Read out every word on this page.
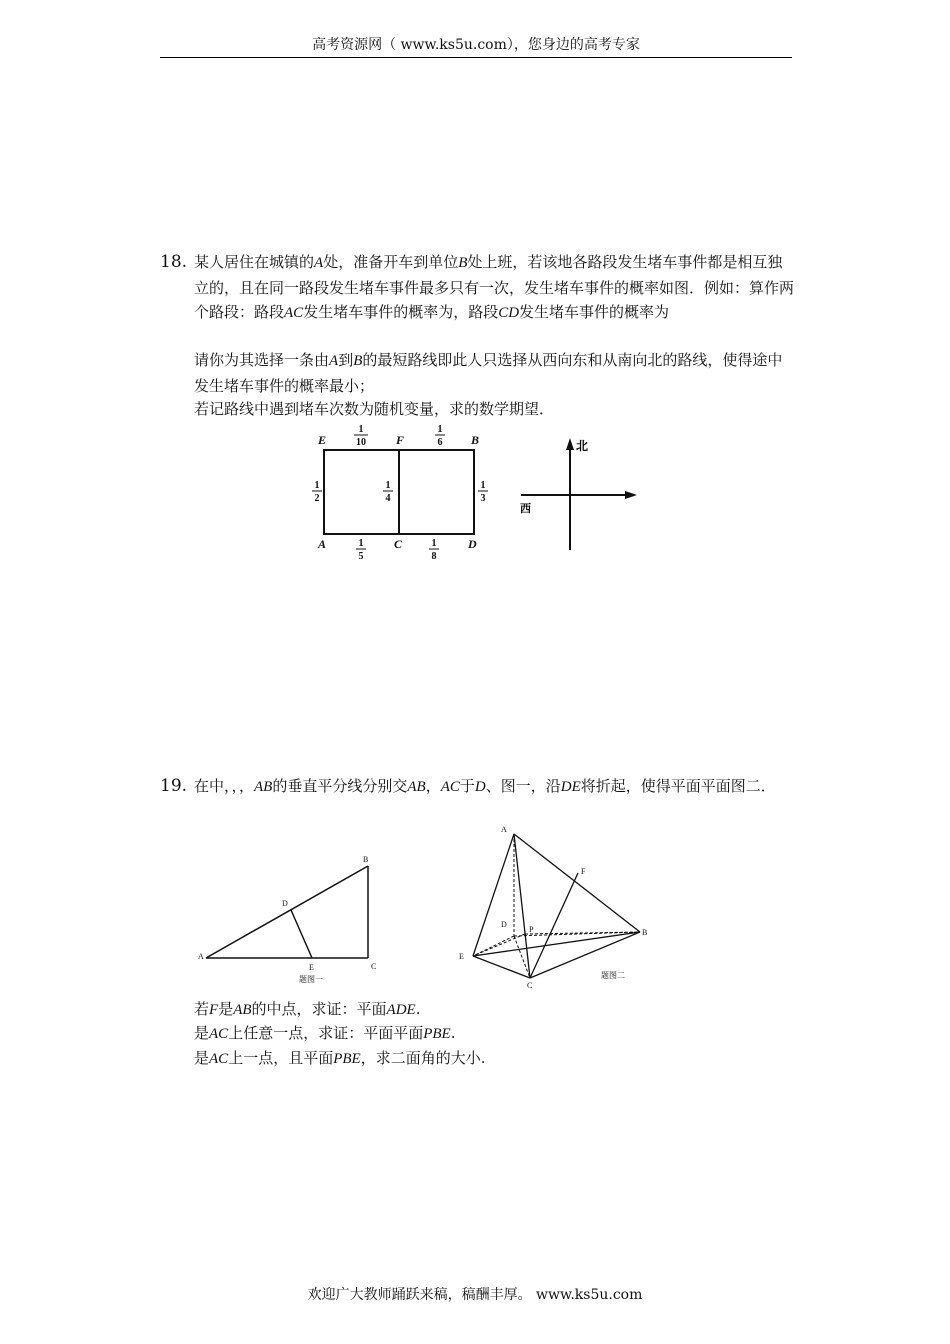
高考资源网（ www.ks5u.com），您身边的高考专家
18. 某人居住在城镇的A处，准备开车到单位B处上班，若该地各路段发生堵车事件都是相互独立的，且在同一路段发生堵车事件最多只有一次，发生堵车事件的概率如图．例如：算作两个路段：路段AC发生堵车事件的概率为，路段CD发生堵车事件的概率为
请你为其选择一条由A到B的最短路线即此人只选择从西向东和从南向北的路线，使得途中发生堵车事件的概率最小；
若记路线中遇到堵车次数为随机变量，求的数学期望．
E	F	B
A	C	D
1
10
1
6
1
2
1
4
1
3
1
5
1
8
北
西
19. 在中，，，AB的垂直平分线分别交AB，AC于D、图一，沿DE将折起，使得平面平面图二．
A
B
C
D
E
题图一
A
B
C
D
E
F
P
题图二
若F是AB的中点，求证：平面ADE.
是AC上任意一点，求证：平面平面PBE.
是AC上一点，且平面PBE，求二面角的大小.
欢迎广大教师踊跃来稿，稿酬丰厚。 www.ks5u.com
